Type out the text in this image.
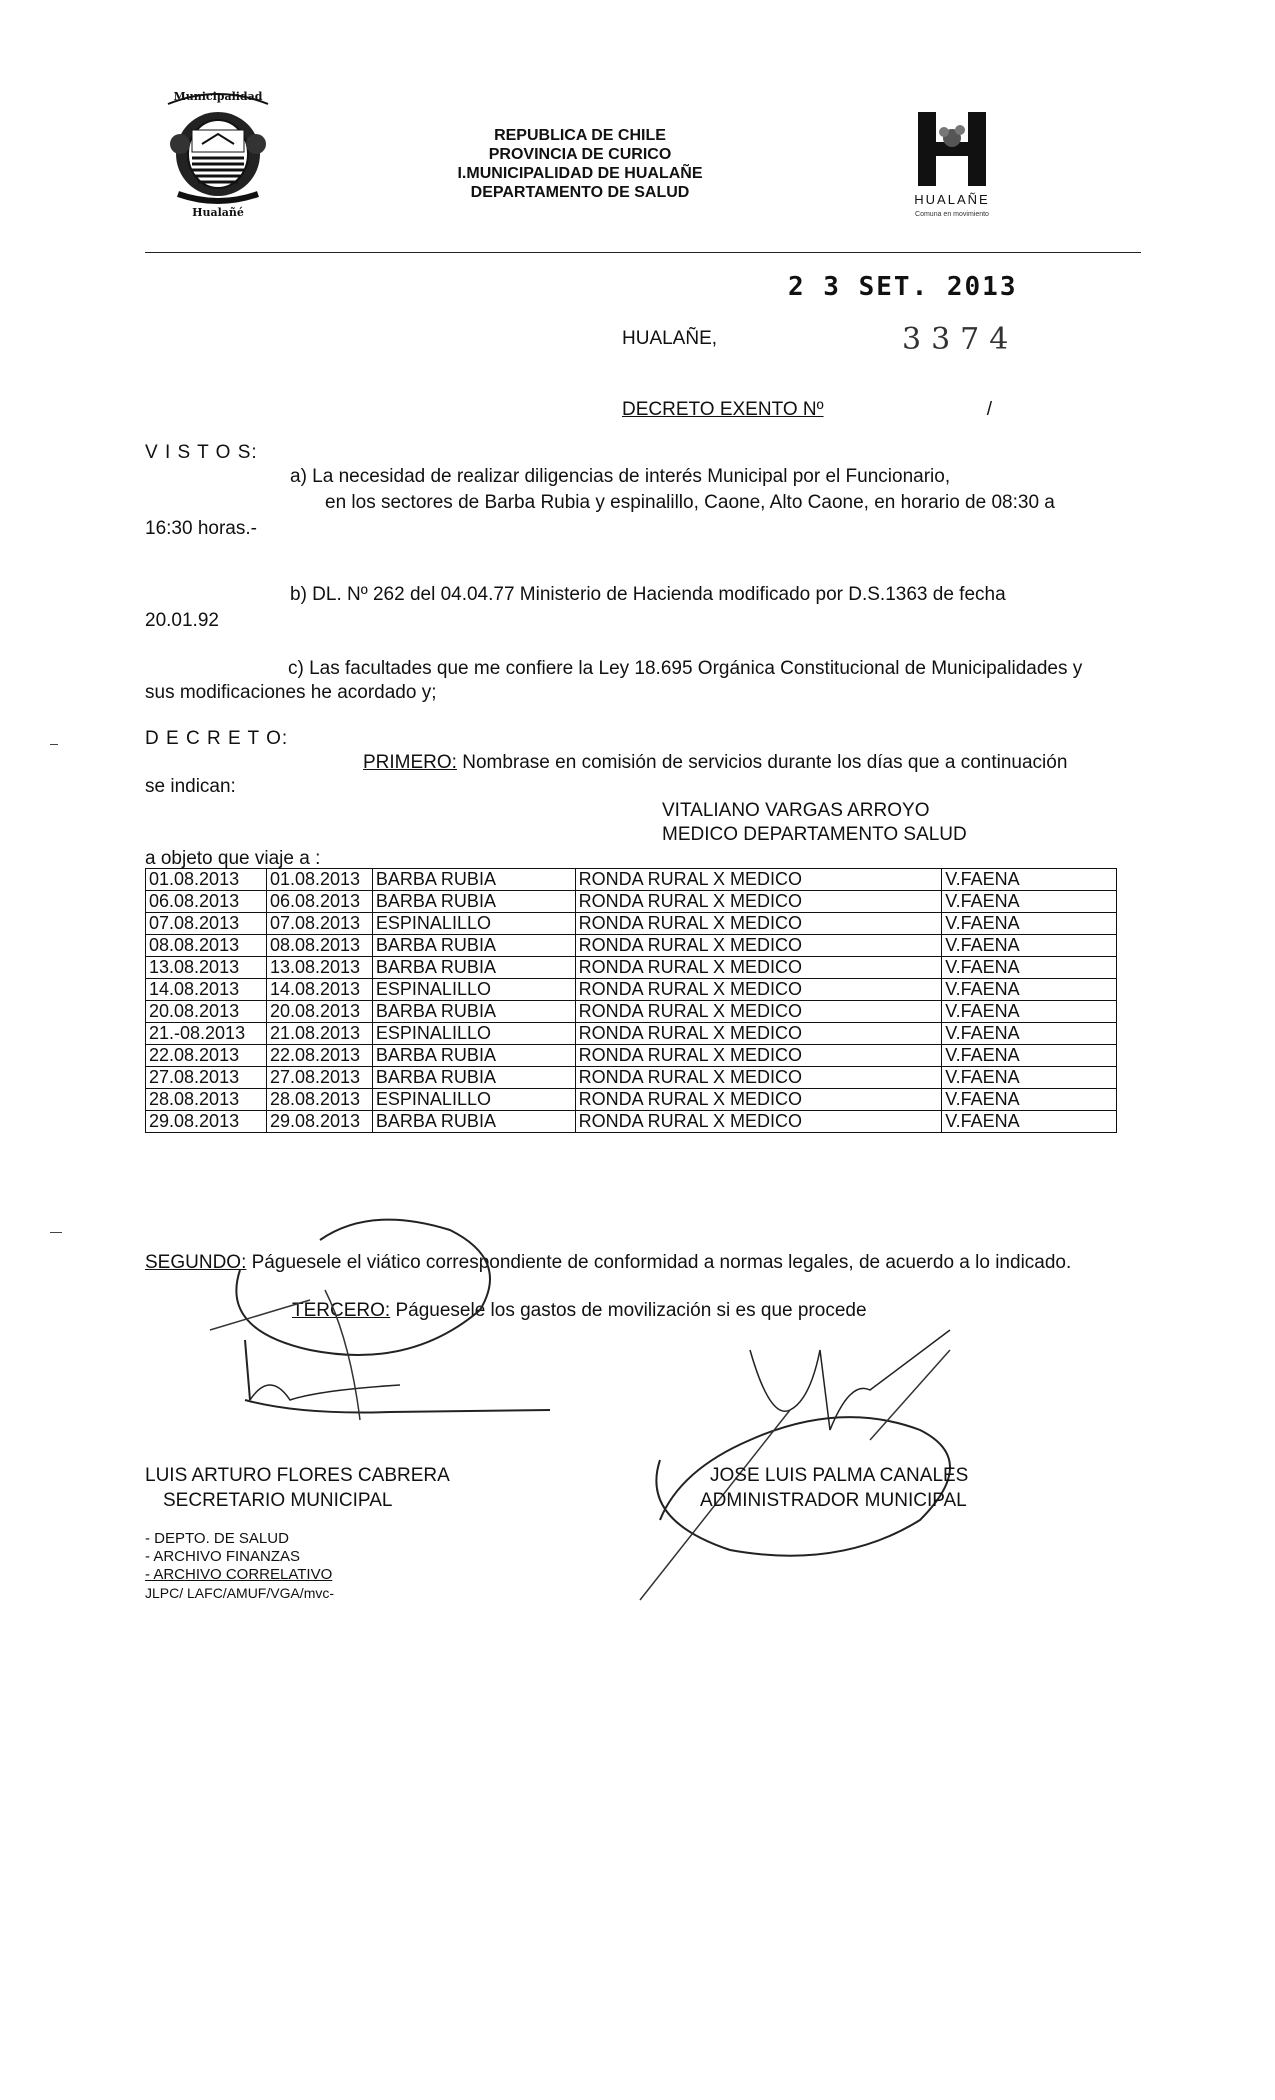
Municipalidad
Hualañé
REPUBLICA DE CHILE
PROVINCIA DE CURICO
I.MUNICIPALIDAD DE HUALAÑE
DEPARTAMENTO DE SALUD	HUALAÑE
Comuna en movimiento
2 3 SET. 2013
HUALAÑE,	3374
DECRETO EXENTO Nº	/
V I S T O S:
a) La necesidad de realizar diligencias de interés Municipal por el Funcionario,
en los sectores de Barba Rubia y espinalillo, Caone, Alto Caone, en horario de 08:30 a
16:30 horas.-
b) DL. Nº 262 del 04.04.77 Ministerio de Hacienda modificado por D.S.1363 de fecha
20.01.92
c) Las facultades que me confiere la Ley 18.695 Orgánica Constitucional de Municipalidades y
sus modificaciones he acordado y;
D E C R E T O:
PRIMERO: Nombrase en comisión de servicios durante los días que a continuación
se indican:
VITALIANO VARGAS ARROYO
MEDICO DEPARTAMENTO SALUD
a objeto que viaje a :
01.08.2013	01.08.2013	BARBA RUBIA	RONDA RURAL X MEDICO	V.FAENA
06.08.2013	06.08.2013	BARBA RUBIA	RONDA RURAL X MEDICO	V.FAENA
07.08.2013	07.08.2013	ESPINALILLO	RONDA RURAL X MEDICO	V.FAENA
08.08.2013	08.08.2013	BARBA RUBIA	RONDA RURAL X MEDICO	V.FAENA
13.08.2013	13.08.2013	BARBA RUBIA	RONDA RURAL X MEDICO	V.FAENA
14.08.2013	14.08.2013	ESPINALILLO	RONDA RURAL X MEDICO	V.FAENA
20.08.2013	20.08.2013	BARBA RUBIA	RONDA RURAL X MEDICO	V.FAENA
21.-08.2013	21.08.2013	ESPINALILLO	RONDA RURAL X MEDICO	V.FAENA
22.08.2013	22.08.2013	BARBA RUBIA	RONDA RURAL X MEDICO	V.FAENA
27.08.2013	27.08.2013	BARBA RUBIA	RONDA RURAL X MEDICO	V.FAENA
28.08.2013	28.08.2013	ESPINALILLO	RONDA RURAL X MEDICO	V.FAENA
29.08.2013	29.08.2013	BARBA RUBIA	RONDA RURAL X MEDICO	V.FAENA
SEGUNDO: Páguesele el viático correspondiente de conformidad a normas legales, de acuerdo a lo indicado.
TERCERO: Páguesele los gastos de movilización si es que procede
LUIS ARTURO FLORES CABRERA
SECRETARIO MUNICIPAL
JOSE LUIS PALMA CANALES
ADMINISTRADOR MUNICIPAL
- DEPTO. DE SALUD
- ARCHIVO FINANZAS
- ARCHIVO CORRELATIVO
JLPC/ LAFC/AMUF/VGA/mvc-
